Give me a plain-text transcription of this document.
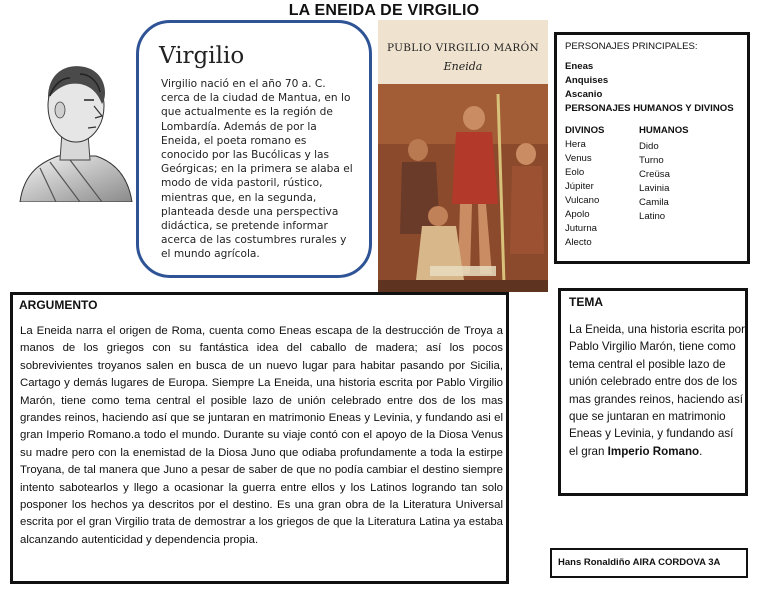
LA ENEIDA DE VIRGILIO
Virgilio
Virgilio nació en el año 70 a. C. cerca de la ciudad de Mantua, en lo que actualmente es la región de Lombardía. Además de por la Eneida, el poeta romano es conocido por las Bucólicas y las Geórgicas; en la primera se alaba el modo de vida pastoril, rústico, mientras que, en la segunda, planteada desde una perspectiva didáctica, se pretende informar acerca de las costumbres rurales y el mundo agrícola.
PUBLIO VIRGILIO MARÓN
Eneida
PERSONAJES PRINCIPALES:
Eneas
Anquises
Ascanio
PERSONAJES HUMANOS Y DIVINOS
DIVINOS
Hera
Venus
Eolo
Júpiter
Vulcano
Apolo
Juturna
Alecto
HUMANOS
Dido
Turno
Creüsa
Lavinia
Camila
Latino
ARGUMENTO
La Eneida narra el origen de Roma, cuenta como Eneas escapa de la destrucción de Troya a manos de los griegos con su fantástica idea del caballo de madera; así los pocos sobrevivientes troyanos salen en busca de un nuevo lugar para habitar pasando por Sicilia, Cartago y demás lugares de Europa. Siempre La Eneida, una historia escrita por Pablo Virgilio Marón, tiene como tema central el posible lazo de unión celebrado entre dos de los mas grandes reinos, haciendo así que se juntaran en matrimonio Eneas y Levinia, y fundando asi el gran Imperio Romano.a todo el mundo. Durante su viaje contó con el apoyo de la Diosa Venus su madre pero con la enemistad de la Diosa Juno que odiaba profundamente a toda la estirpe Troyana, de tal manera que Juno a pesar de saber de que no podía cambiar el destino siempre intento sabotearlos y llego a ocasionar la guerra entre ellos y los Latinos logrando tan solo posponer los hechos ya descritos por el destino. Es una gran obra de la Literatura Universal escrita por el gran Virgilio trata de demostrar a los griegos de que la Literatura Latina ya estaba alcanzando autenticidad y dependencia propia.
TEMA
La Eneida, una historia escrita por Pablo Virgilio Marón, tiene como tema central el posible lazo de unión celebrado entre dos de los mas grandes reinos, haciendo así que se juntaran en matrimonio Eneas y Levinia, y fundando así el gran Imperio Romano.
Hans Ronaldiño AIRA CORDOVA 3A
